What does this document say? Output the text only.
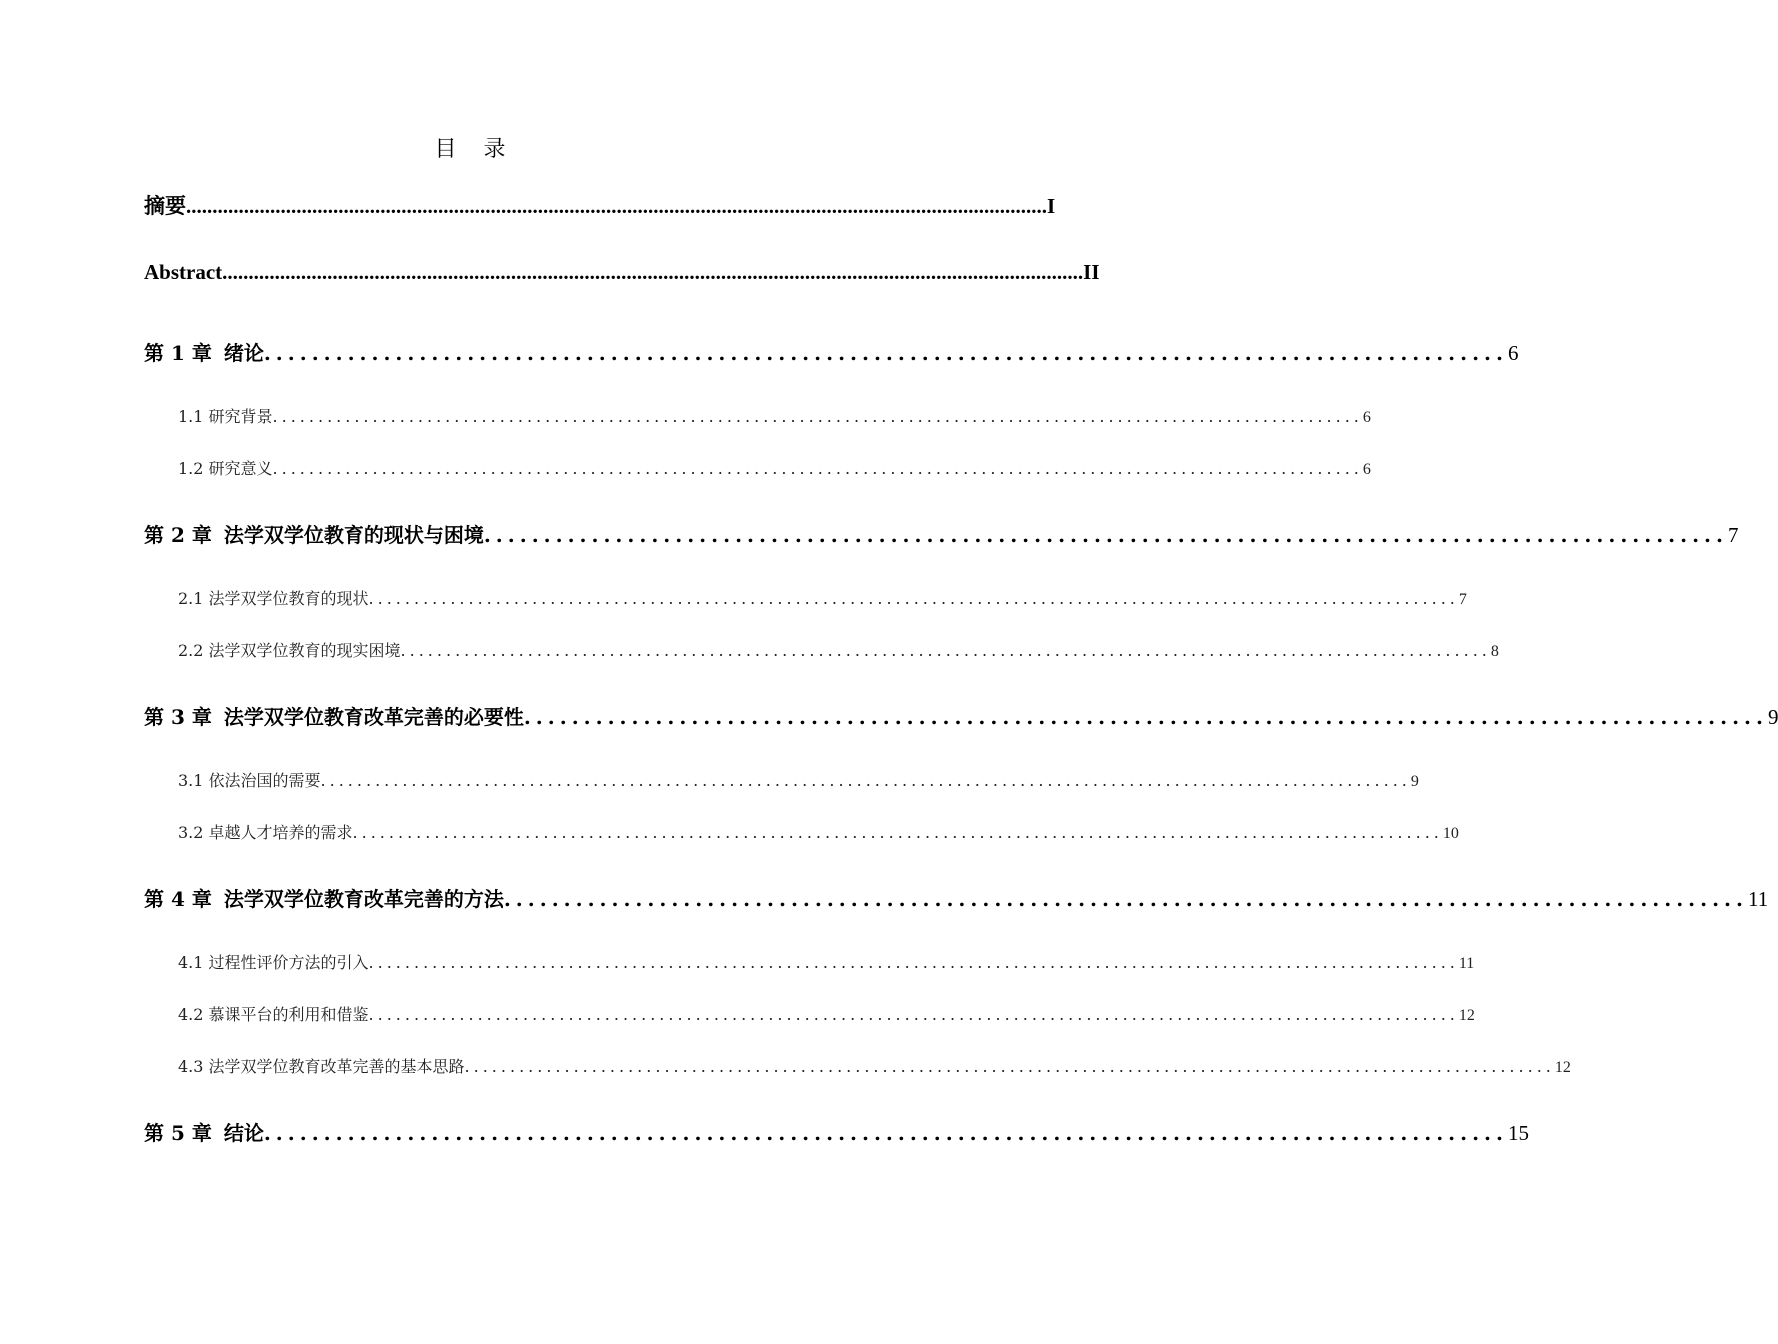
目 录
摘要 .................................................................................................................................................................... I
Abstract .................................................................................................................................................................... II
第 1 章 绪论 ........................................................................................................ 6
1.1 研究背景 ........................................................................................................................ 6
1.2 研究意义 ........................................................................................................................ 6
第 2 章 法学双学位教育的现状与困境 ........................................................................................................ 7
2.1 法学双学位教育的现状 ........................................................................................................................ 7
2.2 法学双学位教育的现实困境 ........................................................................................................................ 8
第 3 章 法学双学位教育改革完善的必要性 ........................................................................................................ 9
3.1 依法治国的需要 ........................................................................................................................ 9
3.2 卓越人才培养的需求 ........................................................................................................................ 10
第 4 章 法学双学位教育改革完善的方法 ........................................................................................................ 11
4.1 过程性评价方法的引入 ........................................................................................................................ 11
4.2 慕课平台的利用和借鉴 ........................................................................................................................ 12
4.3 法学双学位教育改革完善的基本思路 ........................................................................................................................ 12
第 5 章 结论 ........................................................................................................ 15
